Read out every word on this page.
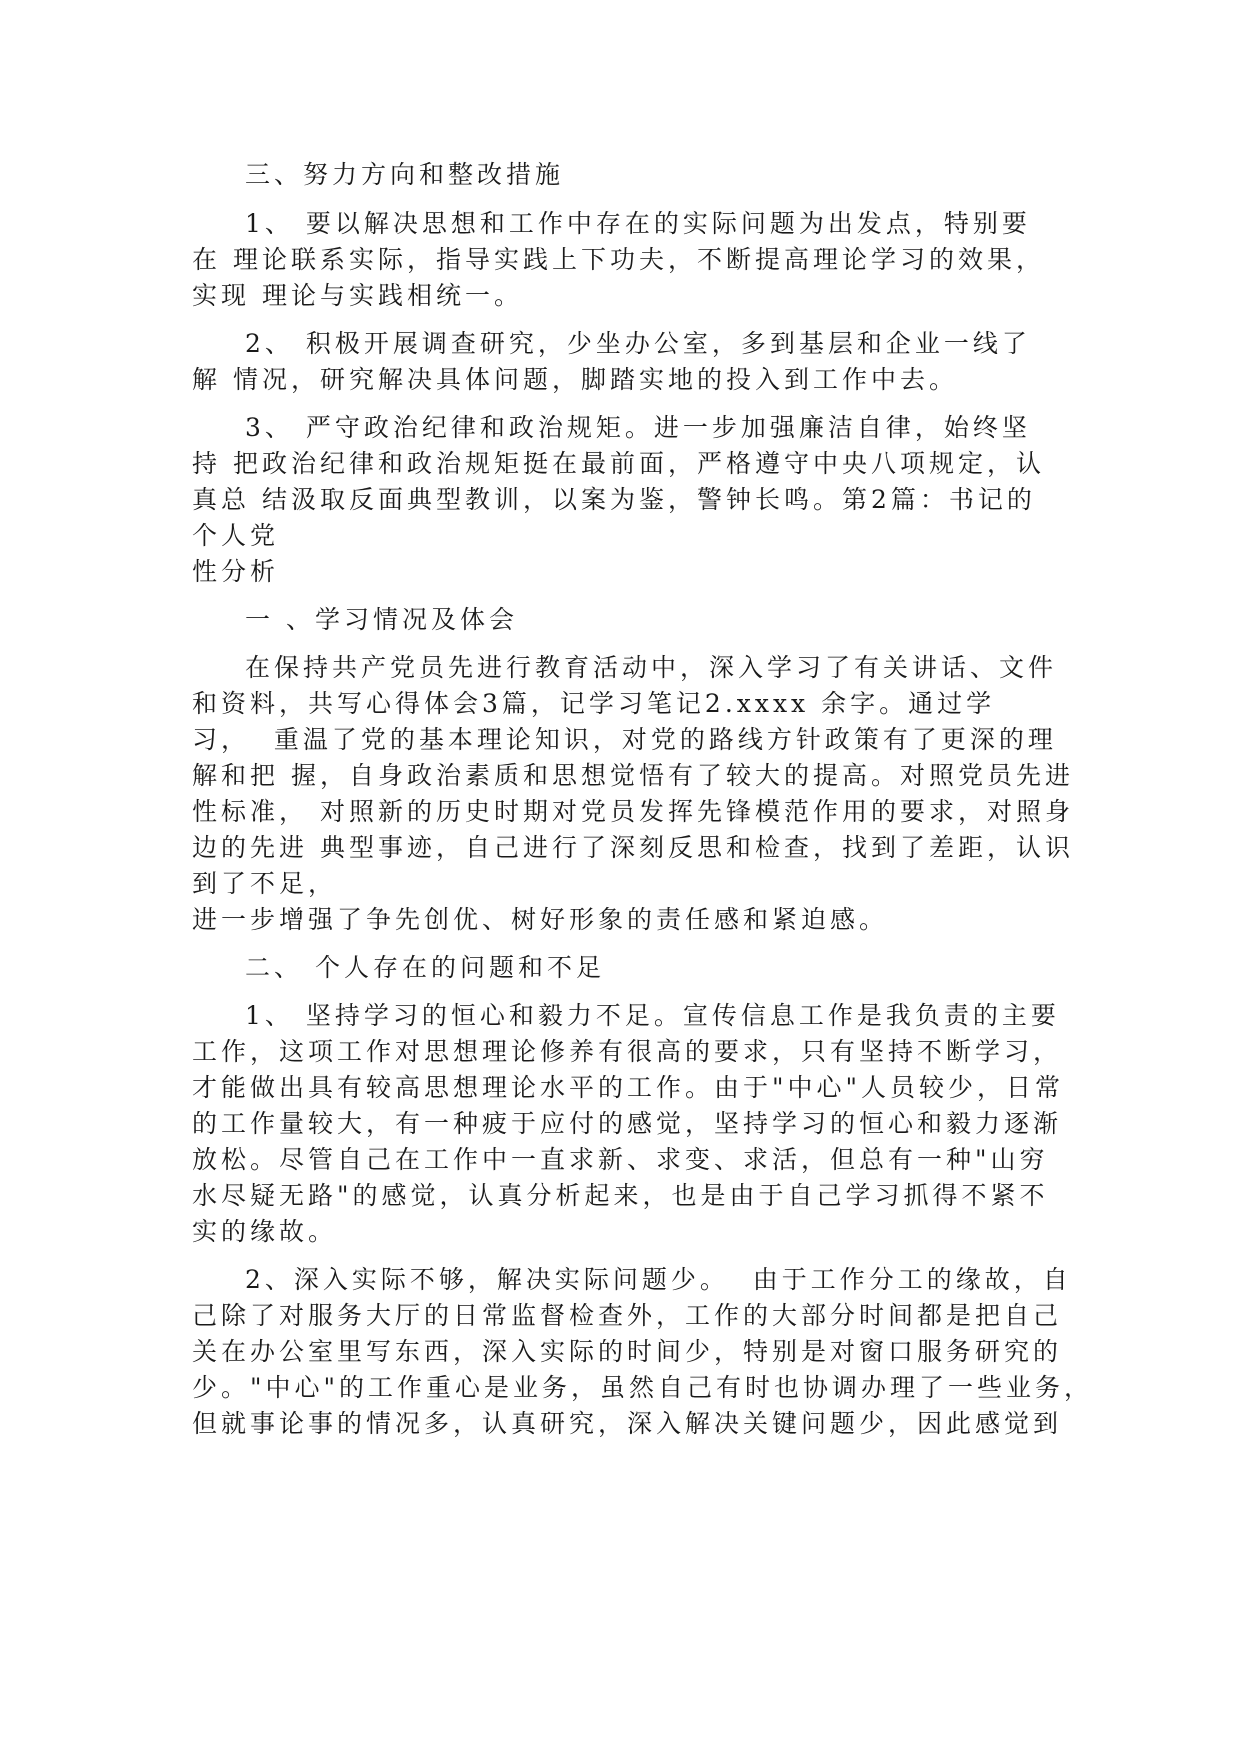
三、努力方向和整改措施
1、 要以解决思想和工作中存在的实际问题为出发点，特别要
在 理论联系实际，指导实践上下功夫，不断提高理论学习的效果，
实现 理论与实践相统一。
2、 积极开展调查研究，少坐办公室，多到基层和企业一线了
解 情况，研究解决具体问题，脚踏实地的投入到工作中去。
3、 严守政治纪律和政治规矩。进一步加强廉洁自律，始终坚
持 把政治纪律和政治规矩挺在最前面，严格遵守中央八项规定，认
真总 结汲取反面典型教训，以案为鉴，警钟长鸣。第2篇：书记的
个人党
性分析
一 、学习情况及体会
在保持共产党员先进行教育活动中，深入学习了有关讲话、文件
和资料，共写心得体会3篇，记学习笔记2.xxxx 余字。通过学
习，  重温了党的基本理论知识，对党的路线方针政策有了更深的理
解和把 握，自身政治素质和思想觉悟有了较大的提高。对照党员先进
性标准， 对照新的历史时期对党员发挥先锋模范作用的要求，对照身
边的先进 典型事迹，自己进行了深刻反思和检查，找到了差距，认识
到了不足，
进一步增强了争先创优、树好形象的责任感和紧迫感。
二、 个人存在的问题和不足
1、 坚持学习的恒心和毅力不足。宣传信息工作是我负责的主要
工作，这项工作对思想理论修养有很高的要求，只有坚持不断学习，
才能做出具有较高思想理论水平的工作。由于"中心"人员较少，日常
的工作量较大，有一种疲于应付的感觉，坚持学习的恒心和毅力逐渐
放松。尽管自己在工作中一直求新、求变、求活，但总有一种"山穷
水尽疑无路"的感觉，认真分析起来，也是由于自己学习抓得不紧不
实的缘故。
2、深入实际不够，解决实际问题少。  由于工作分工的缘故，自
己除了对服务大厅的日常监督检查外，工作的大部分时间都是把自己
关在办公室里写东西，深入实际的时间少，特别是对窗口服务研究的
少。"中心"的工作重心是业务，虽然自己有时也协调办理了一些业务，
但就事论事的情况多，认真研究，深入解决关键问题少，因此感觉到
